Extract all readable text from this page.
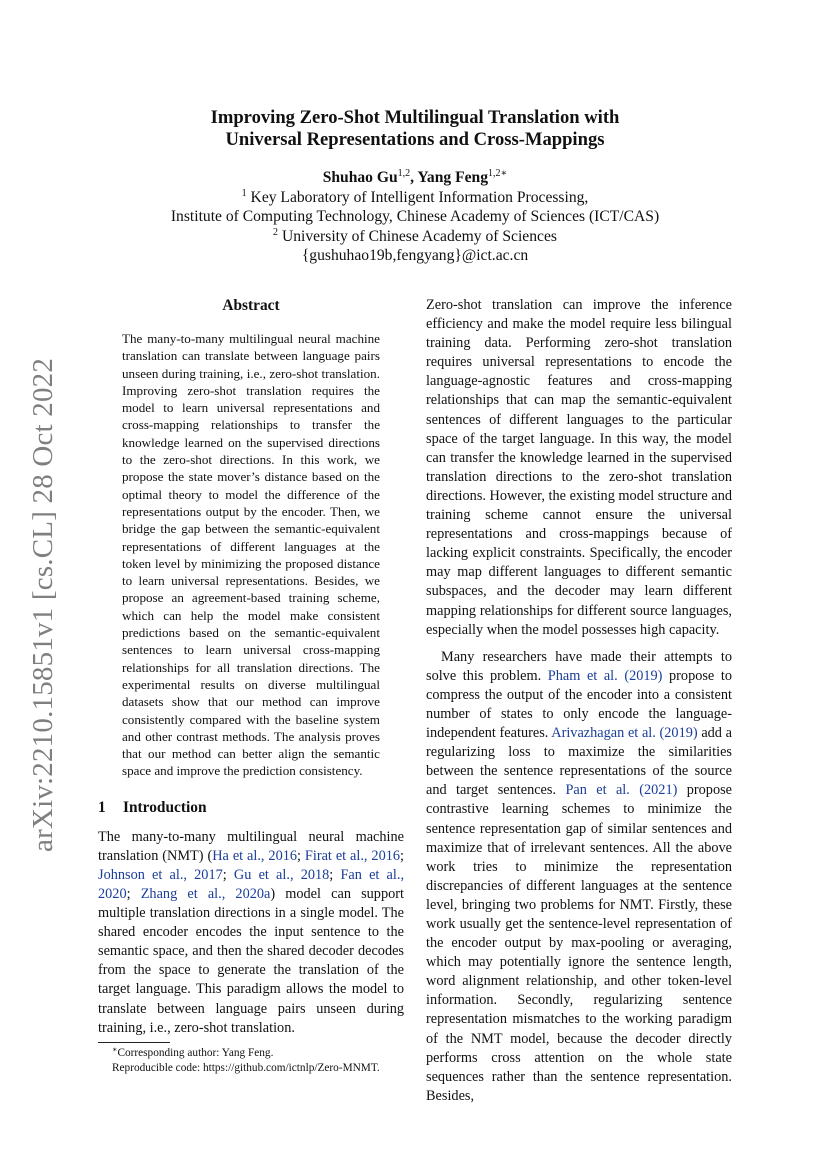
arXiv:2210.15851v1 [cs.CL] 28 Oct 2022
Improving Zero-Shot Multilingual Translation with
Universal Representations and Cross-Mappings
Shuhao Gu$^{1,2}$, Yang Feng$^{1,2∗}$
$^1$ Key Laboratory of Intelligent Information Processing,
Institute of Computing Technology, Chinese Academy of Sciences (ICT/CAS)
$^2$ University of Chinese Academy of Sciences
{gushuhao19b,fengyang}@ict.ac.cn
Abstract

The many-to-many multilingual neural machine translation can translate between language pairs unseen during training, i.e., zero-shot translation. Improving zero-shot translation requires the model to learn universal representations and cross-mapping relationships to transfer the knowledge learned on the supervised directions to the zero-shot directions. In this work, we propose the state mover’s distance based on the optimal theory to model the difference of the representations output by the encoder. Then, we bridge the gap between the semantic-equivalent representations of different languages at the token level by minimizing the proposed distance to learn universal representations. Besides, we propose an agreement-based training scheme, which can help the model make consistent predictions based on the semantic-equivalent sentences to learn universal cross-mapping relationships for all translation directions. The experimental results on diverse multilingual datasets show that our method can improve consistently compared with the baseline system and other contrast methods. The analysis proves that our method can better align the semantic space and improve the prediction consistency.

1 Introduction

The many-to-many multilingual neural machine translation (NMT) (Ha et al., 2016; Firat et al., 2016; Johnson et al., 2017; Gu et al., 2018; Fan et al., 2020; Zhang et al., 2020a) model can support multiple translation directions in a single model. The shared encoder encodes the input sentence to the semantic space, and then the shared decoder decodes from the space to generate the translation of the target language. This paradigm allows the model to translate between language pairs unseen during training, i.e., zero-shot translation.

Zero-shot translation can improve the inference efficiency and make the model require less bilingual training data. Performing zero-shot translation requires universal representations to encode the language-agnostic features and cross-mapping relationships that can map the semantic-equivalent sentences of different languages to the particular space of the target language. In this way, the model can transfer the knowledge learned in the supervised translation directions to the zero-shot translation directions. However, the existing model structure and training scheme cannot ensure the universal representations and cross-mappings because of lacking explicit constraints. Specifically, the encoder may map different languages to different semantic subspaces, and the decoder may learn different mapping relationships for different source languages, especially when the model possesses high capacity.

Many researchers have made their attempts to solve this problem. Pham et al. (2019) propose to compress the output of the encoder into a consistent number of states to only encode the language-independent features. Arivazhagan et al. (2019) add a regularizing loss to maximize the similarities between the sentence representations of the source and target sentences. Pan et al. (2021) propose contrastive learning schemes to minimize the sentence representation gap of similar sentences and maximize that of irrelevant sentences. All the above work tries to minimize the representation discrepancies of different languages at the sentence level, bringing two problems for NMT. Firstly, these work usually get the sentence-level representation of the encoder output by max-pooling or averaging, which may potentially ignore the sentence length, word alignment relationship, and other token-level information. Secondly, regularizing sentence representation mismatches to the working paradigm of the NMT model, because the decoder directly performs cross attention on the whole state sequences rather than the sentence representation. Besides,

∗Corresponding author: Yang Feng.
Reproducible code: https://github.com/ictnlp/Zero-MNMT.
